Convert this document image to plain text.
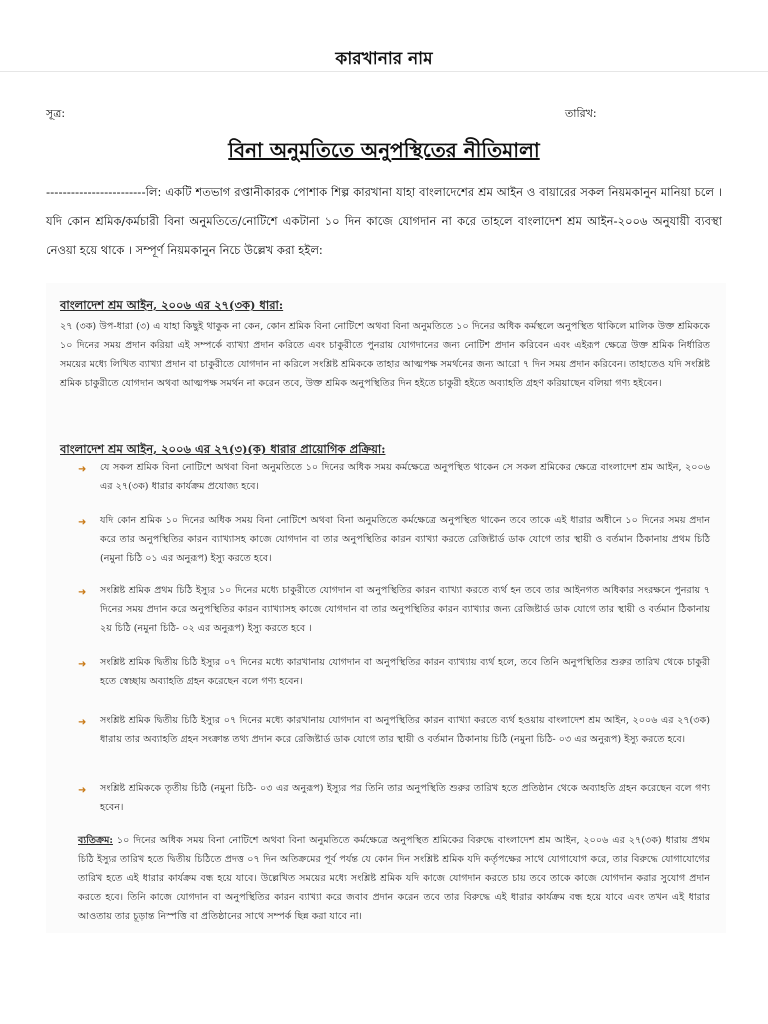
কারখানার নাম
সূত্র:	তারিখ:
বিনা অনুমতিতে অনুপস্থিতের নীতিমালা
------------------------লি: একটি শতভাগ রপ্তানীকারক পোশাক শিল্প কারখানা যাহা বাংলাদেশের শ্রম আইন ও বায়ারের সকল নিয়মকানুন মানিয়া চলে । যদি কোন শ্রমিক/কর্মচারী বিনা অনুমতিতে/নোটিশে একটানা ১০ দিন কাজে যোগদান না করে তাহলে বাংলাদেশ শ্রম আইন-২০০৬ অনুযায়ী ব্যবস্থা নেওয়া হয়ে থাকে । সম্পূর্ণ নিয়মকানুন নিচে উল্লেখ করা হইল:
বাংলাদেশ শ্রম আইন, ২০০৬ এর ২৭(৩ক) ধারা:
২৭ (৩ক) উপ-ধারা (৩) এ যাহা কিছুই থাকুক না কেন, কোন শ্রমিক বিনা নোটিশে অথবা বিনা অনুমতিতে ১০ দিনের অধিক কর্মস্থলে অনুপস্থিত থাকিলে মালিক উক্ত শ্রমিককে ১০ দিনের সময় প্রদান করিয়া এই সম্পর্কে ব্যাখ্যা প্রদান করিতে এবং চাকুরীতে পুনরায় যোগদানের জন্য নোটিশ প্রদান করিবেন এবং এইরূপ ক্ষেত্রে উক্ত শ্রমিক নির্ধারিত সময়ের মধ্যে লিখিত ব্যাখ্যা প্রদান বা চাকুরীতে যোগদান না করিলে সংশ্লিষ্ট শ্রমিককে তাহার আত্মপক্ষ সমর্থনের জন্য আরো ৭ দিন সময় প্রদান করিবেন। তাহাতেও যদি সংশ্লিষ্ট শ্রমিক চাকুরীতে যোগদান অথবা আত্মপক্ষ সমর্থন না করেন তবে, উক্ত শ্রমিক অনুপস্থিতির দিন হইতে চাকুরী হইতে অব্যাহতি গ্রহণ করিয়াছেন বলিয়া গণ্য হইবেন।
বাংলাদেশ শ্রম আইন, ২০০৬ এর ২৭(৩)(ক) ধারার প্রায়োগিক প্রক্রিয়া:
➜ যে সকল শ্রমিক বিনা নোটিশে অথবা বিনা অনুমতিতে ১০ দিনের অধিক সময় কর্মক্ষেত্রে অনুপস্থিত থাকেন সে সকল শ্রমিকের ক্ষেত্রে বাংলাদেশ শ্রম আইন, ২০০৬ এর ২৭(৩ক) ধারার কার্যক্রম প্রযোজ্য হবে।
➜ যদি কোন শ্রমিক ১০ দিনের অধিক সময় বিনা নোটিশে অথবা বিনা অনুমতিতে কর্মক্ষেত্রে অনুপস্থিত থাকেন তবে তাকে এই ধারার অধীনে ১০ দিনের সময় প্রদান করে তার অনুপস্থিতির কারন ব্যাখ্যাসহ কাজে যোগদান বা তার অনুপস্থিতির কারন ব্যাখ্যা করতে রেজিষ্টার্ড ডাক যোগে তার স্থায়ী ও বর্তমান ঠিকানায় প্রথম চিঠি (নমুনা চিঠি ০১ এর অনুরূপ) ইস্যু করতে হবে।
➜ সংশ্লিষ্ট শ্রমিক প্রথম চিঠি ইস্যুর ১০ দিনের মধ্যে চাকুরীতে যোগদান বা অনুপস্থিতির কারন ব্যাখ্যা করতে ব্যর্থ হন তবে তার আইনগত অধিকার সংরক্ষনে পুনরায় ৭ দিনের সময় প্রদান করে অনুপস্থিতির কারন ব্যাখ্যাসহ কাজে যোগদান বা তার অনুপস্থিতির কারন ব্যাখ্যার জন্য রেজিষ্টার্ড ডাক যোগে তার স্থায়ী ও বর্তমান ঠিকানায় ২য় চিঠি (নমুনা চিঠি- ০২ এর অনুরূপ) ইস্যু করতে হবে ।
➜ সংশ্লিষ্ট শ্রমিক দ্বিতীয় চিঠি ইস্যুর ০৭ দিনের মধ্যে কারখানায় যোগদান বা অনুপস্থিতির কারন ব্যাখ্যায় ব্যর্থ হলে, তবে তিনি অনুপস্থিতির শুরুর তারিখ থেকে চাকুরী হতে স্বেচ্ছায় অব্যাহতি গ্রহন করেছেন বলে গণ্য হবেন।
➜ সংশ্লিষ্ট শ্রমিক দ্বিতীয় চিঠি ইস্যুর ০৭ দিনের মধ্যে কারখানায় যোগদান বা অনুপস্থিতির কারন ব্যাখ্যা করতে ব্যর্থ হওয়ায় বাংলাদেশ শ্রম আইন, ২০০৬ এর ২৭(৩ক) ধারায় তার অব্যাহতি গ্রহন সংক্রান্ত তথ্য প্রদান করে রেজিষ্টার্ড ডাক যোগে তার স্থায়ী ও বর্তমান ঠিকানায় চিঠি (নমুনা চিঠি- ০৩ এর অনুরূপ) ইস্যু করতে হবে।
➜ সংশ্লিষ্ট শ্রমিককে তৃতীয় চিঠি (নমুনা চিঠি- ০৩ এর অনুরূপ) ইস্যুর পর তিনি তার অনুপস্থিতি শুরুর তারিখ হতে প্রতিষ্ঠান থেকে অব্যাহতি গ্রহন করেছেন বলে গণ্য হবেন।
ব্যতিক্রম: ১০ দিনের অধিক সময় বিনা নোটিশে অথবা বিনা অনুমতিতে কর্মক্ষেত্রে অনুপস্থিত শ্রমিকের বিরুদ্ধে বাংলাদেশ শ্রম আইন, ২০০৬ এর ২৭(৩ক) ধারায় প্রথম চিঠি ইস্যুর তারিখ হতে দ্বিতীয় চিঠিতে প্রদত্ত ০৭ দিন অতিক্রমের পূর্ব পর্যন্ত যে কোন দিন সংশ্লিষ্ট শ্রমিক যদি কর্তৃপক্ষের সাথে যোগাযোগ করে, তার বিরুদ্ধে যোগাযোগের তারিখ হতে এই ধারার কার্যক্রম বন্ধ হয়ে যাবে। উল্লেখিত সময়ের মধ্যে সংশ্লিষ্ট শ্রমিক যদি কাজে যোগদান করতে চায় তবে তাকে কাজে যোগদান করার সুযোগ প্রদান করতে হবে। তিনি কাজে যোগদান বা অনুপস্থিতির কারন ব্যাখ্যা করে জবাব প্রদান করেন তবে তার বিরুদ্ধে এই ধারার কার্যক্রম বন্ধ হয়ে যাবে এবং তখন এই ধারার আওতায় তার চূড়ান্ত নিস্পত্তি বা প্রতিষ্ঠানের সাথে সম্পর্ক ছিন্ন করা যাবে না।
